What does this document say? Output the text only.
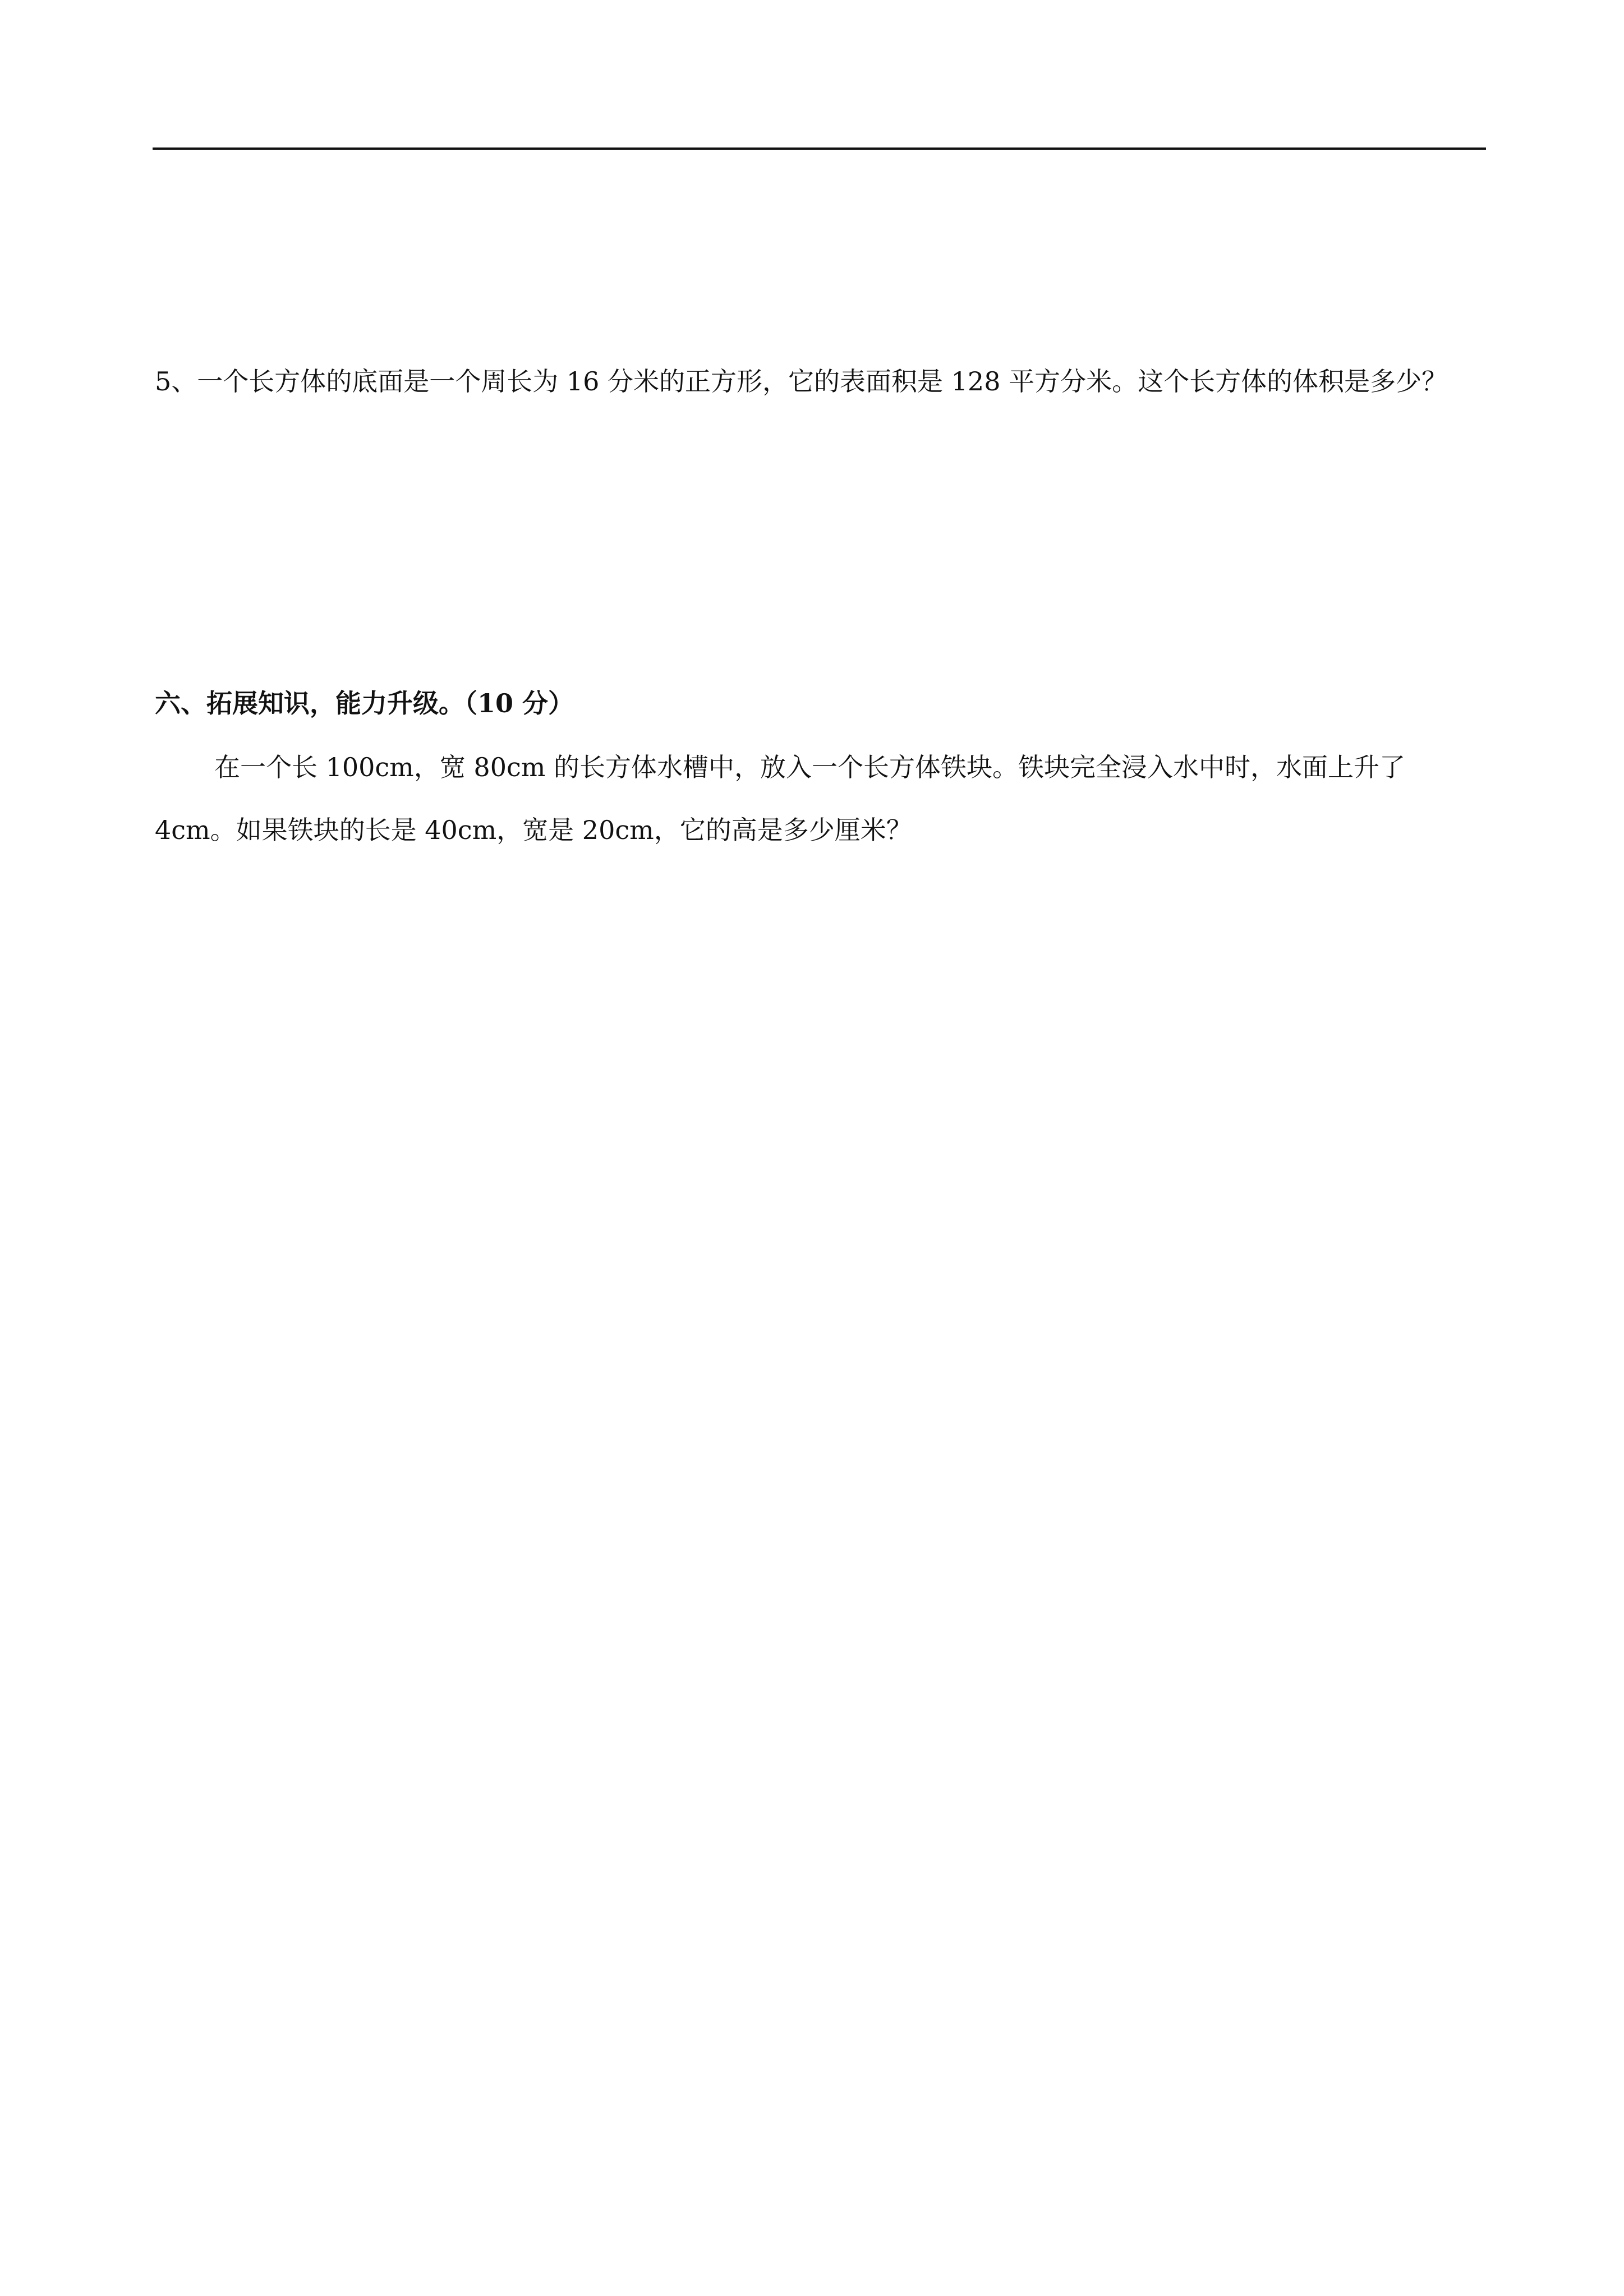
5、一个长方体的底面是一个周长为 16 分米的正方形，它的表面积是 128 平方分米。这个长方体的体积是多少？

六、拓展知识，能力升级。（10 分）

在一个长 100cm，宽 80cm 的长方体水槽中，放入一个长方体铁块。铁块完全浸入水中时，水面上升了 4cm。如果铁块的长是 40cm，宽是 20cm，它的高是多少厘米？
